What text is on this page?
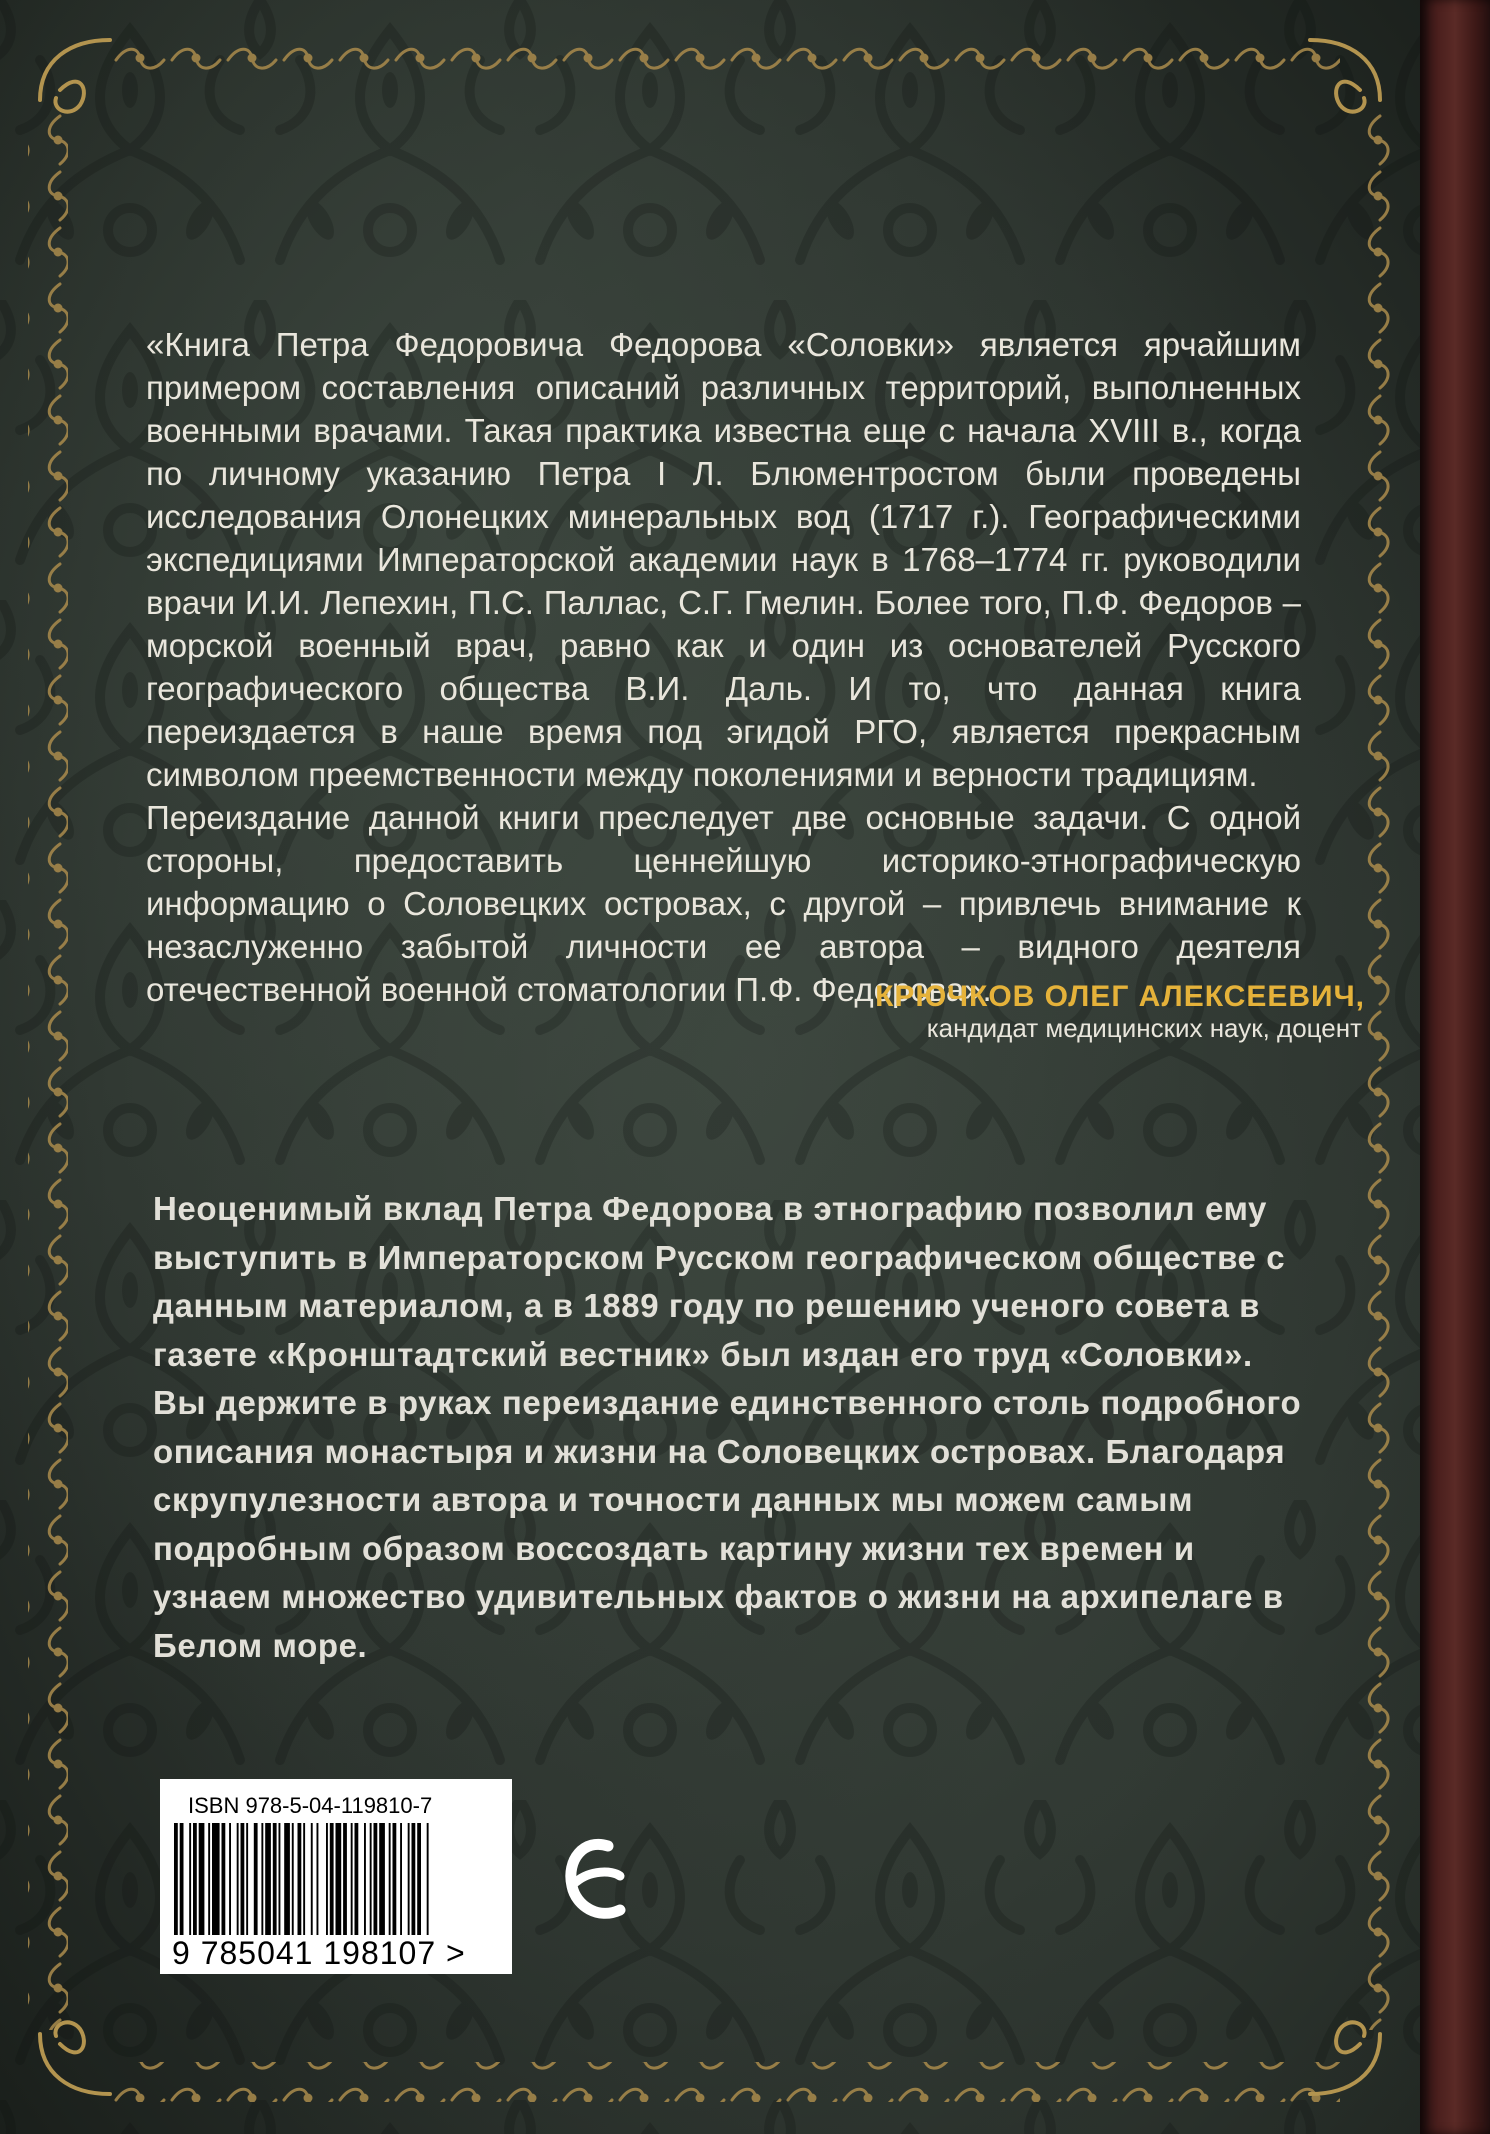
«Книга Петра Федоровича Федорова «Соловки» является ярчайшим примером составления описаний различных территорий, выполненных военными врачами. Такая практика известна еще с начала XVIII в., когда по личному указанию Петра I Л. Блюментростом были проведены исследования Олонецких минеральных вод (1717 г.). Географическими экспедициями Императорской академии наук в 1768–1774 гг. руководили врачи И.И. Лепехин, П.С. Паллас, С.Г. Гмелин. Более того, П.Ф. Федоров – морской военный врач, равно как и один из основателей Русского географического общества В.И. Даль. И то, что данная книга переиздается в наше время под эгидой РГО, является прекрасным символом преемственности между поколениями и верности традициям.

Переиздание данной книги преследует две основные задачи. С одной стороны, предоставить ценнейшую историко-этнографическую информацию о Соловецких островах, с другой – привлечь внимание к незаслуженно забытой личности ее автора – видного деятеля отечественной военной стоматологии П.Ф. Федорова».

КРЮЧКОВ ОЛЕГ АЛЕКСЕЕВИЧ,
кандидат медицинских наук, доцент
Неоценимый вклад Петра Федорова в этнографию позволил ему выступить в Императорском Русском географическом обществе с данным материалом, а в 1889 году по решению ученого совета в газете «Кронштадтский вестник» был издан его труд «Соловки». Вы держите в руках переиздание единственного столь подробного описания монастыря и жизни на Соловецких островах. Благодаря скрупулезности автора и точности данных мы можем самым подробным образом воссоздать картину жизни тех времен и узнаем множество удивительных фактов о жизни на архипелаге в Белом море.
ISBN 978-5-04-119810-7
9 785041 198107 >
